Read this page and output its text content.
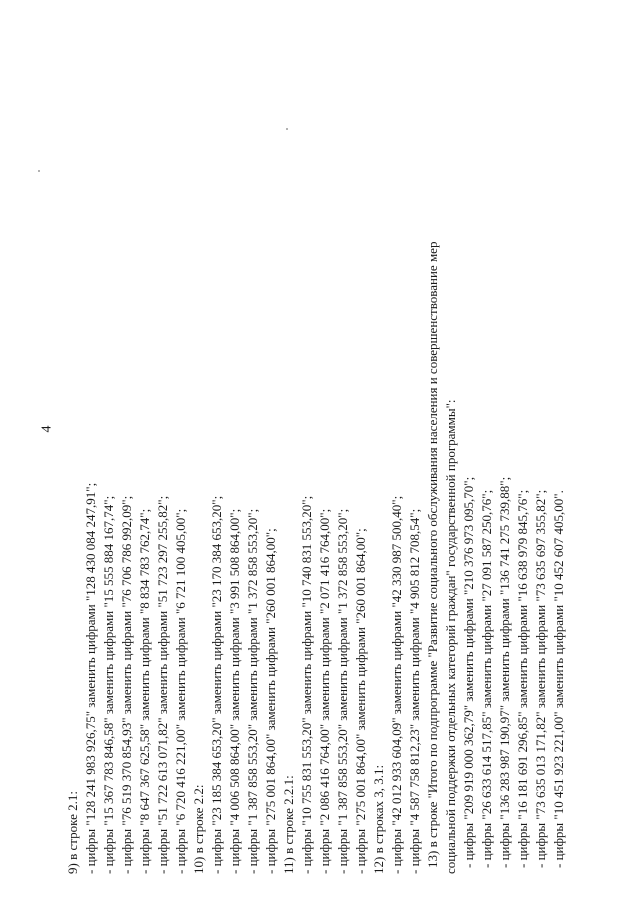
4
9) в строке 2.1: - цифры "128 241 983 926,75" заменить цифрами "128 430 084 247,91"; - цифры "15 367 783 846,58" заменить цифрами "15 555 884 167,74"; - цифры "76 519 370 854,93" заменить цифрами "76 706 786 992,09"; - цифры "8 647 367 625,58" заменить цифрами "8 834 783 762,74"; - цифры "51 722 613 071,82" заменить цифрами "51 723 297 255,82"; - цифры "6 720 416 221,00" заменить цифрами "6 721 100 405,00"; 10) в строке 2.2: - цифры "23 185 384 653,20" заменить цифрами "23 170 384 653,20"; - цифры "4 006 508 864,00" заменить цифрами "3 991 508 864,00"; - цифры "1 387 858 553,20" заменить цифрами "1 372 858 553,20"; - цифры "275 001 864,00" заменить цифрами "260 001 864,00"; 11) в строке 2.2.1: - цифры "10 755 831 553,20" заменить цифрами "10 740 831 553,20"; - цифры "2 086 416 764,00" заменить цифрами "2 071 416 764,00"; - цифры "1 387 858 553,20" заменить цифрами "1 372 858 553,20"; - цифры "275 001 864,00" заменить цифрами "260 001 864,00"; 12) в строках 3, 3.1: - цифры "42 012 933 604,09" заменить цифрами "42 330 987 500,40"; - цифры "4 587 758 812,23" заменить цифрами "4 905 812 708,54"; 13) в строке "Итого по подпрограмме "Развитие социального обслуживания населения и совершенствование мер социальной поддержки отдельных категорий граждан" государственной программы": - цифры "209 919 000 362,79" заменить цифрами "210 376 973 095,70"; - цифры "26 633 614 517,85" заменить цифрами "27 091 587 250,76"; - цифры "136 283 987 190,97" заменить цифрами "136 741 275 739,88"; - цифры "16 181 691 296,85" заменить цифрами "16 638 979 845,76"; - цифры "73 635 013 171,82" заменить цифрами "73 635 697 355,82"; - цифры "10 451 923 221,00" заменить цифрами "10 452 607 405,00".
